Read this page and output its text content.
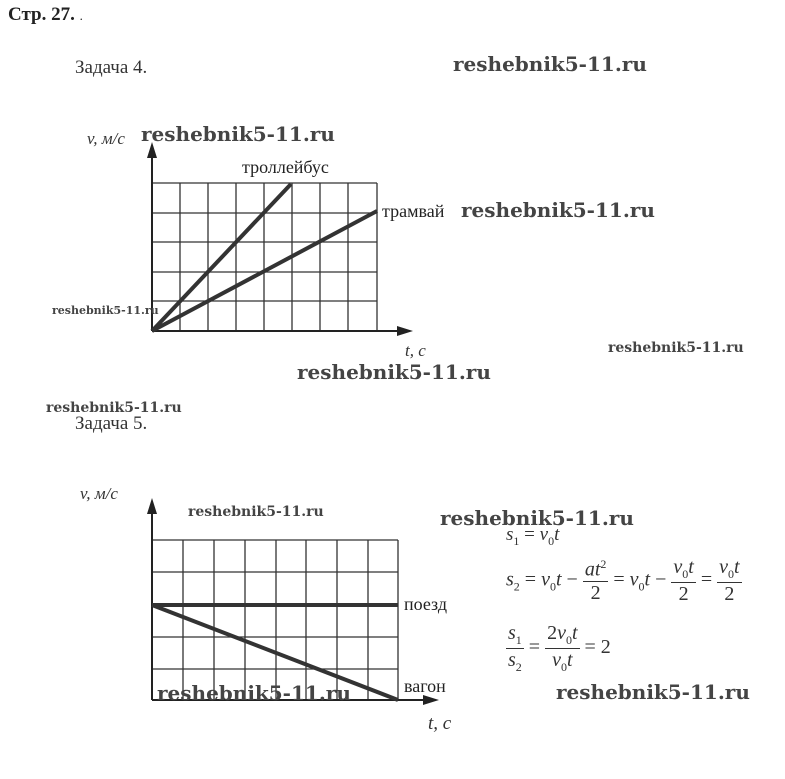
Стр. 27. .
Задача 4.	reshebnik5-11.ru
v, м/с reshebnik5-11.ru
троллейбус
трамвай reshebnik5-11.ru
reshebnik5-11.ru
t, с	reshebnik5-11.ru
reshebnik5-11.ru
reshebnik5-11.ru
Задача 5.
v, м/с
reshebnik5-11.ru	reshebnik5-11.ru
поезд
вагон
reshebnik5-11.ru	reshebnik5-11.ru
t, с
$s_1 = v_0t$
$s_2 = v_0t - \frac{at^2}{2} = v_0t - \frac{v_0t}{2} = \frac{v_0t}{2}$
$\frac{s_1}{s_2} = \frac{2v_0t}{v_0t} = 2$
